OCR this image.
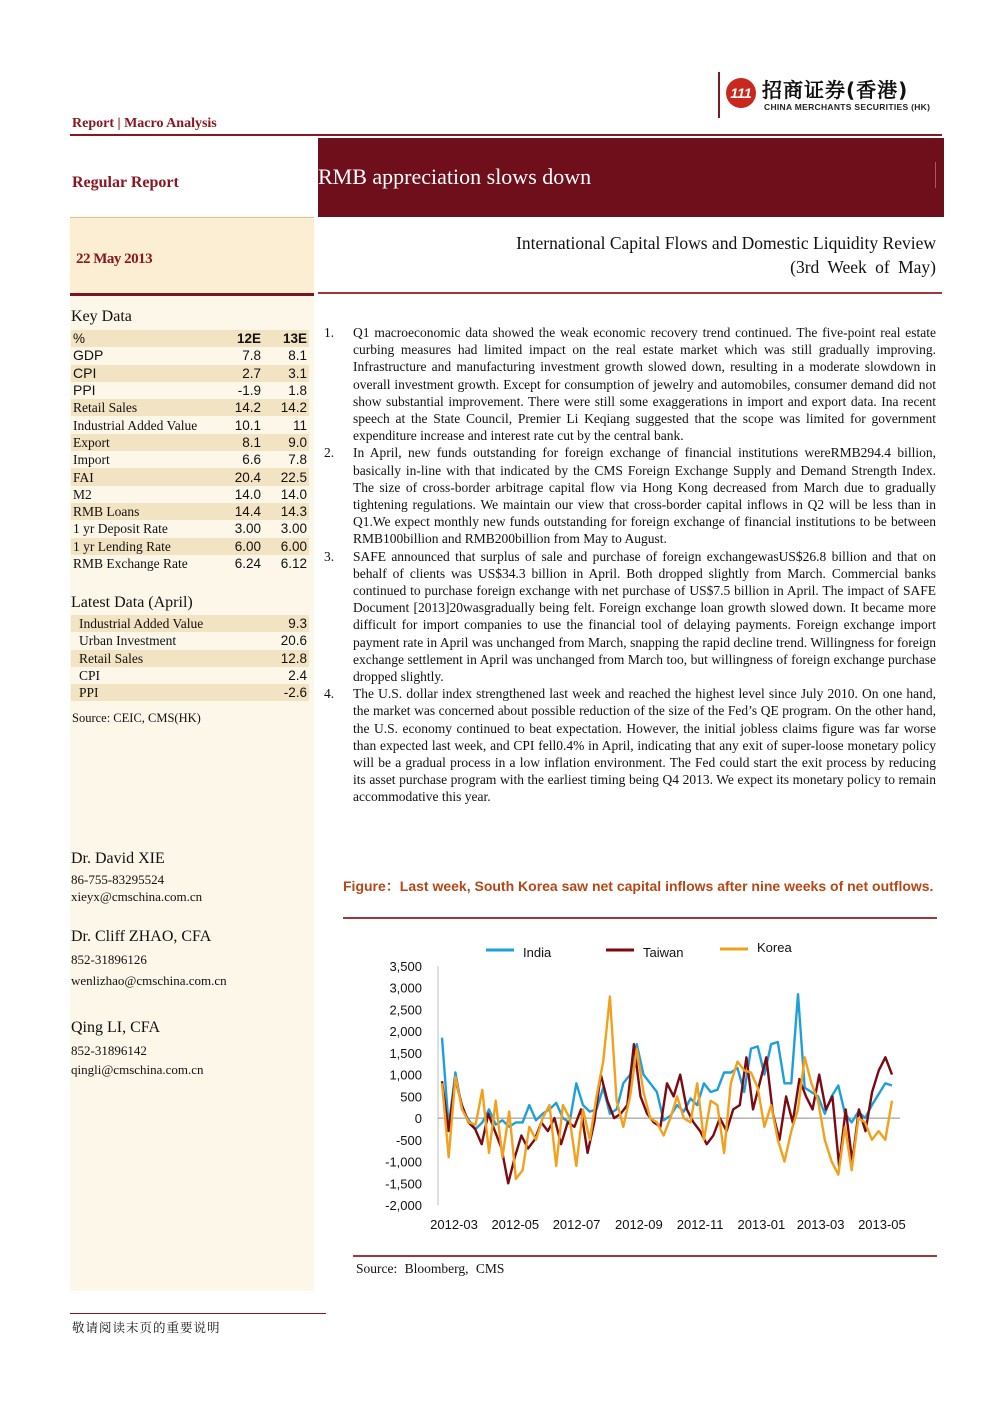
111 招商证券(香港)
CHINA MERCHANTS SECURITIES (HK)
Report | Macro Analysis
Regular Report
22 May 2013
RMB appreciation slows down
International Capital Flows and Domestic Liquidity Review
(3rd Week of May)
Key Data
%	12E	13E
GDP	7.8	8.1
CPI	2.7	3.1
PPI	-1.9	1.8
Retail Sales	14.2	14.2
Industrial Added Value	10.1	11
Export	8.1	9.0
Import	6.6	7.8
FAI	20.4	22.5
M2	14.0	14.0
RMB Loans	14.4	14.3
1 yr Deposit Rate	3.00	3.00
1 yr Lending Rate	6.00	6.00
RMB Exchange Rate	6.24	6.12
Latest Data (April)
Industrial Added Value	9.3
Urban Investment	20.6
Retail Sales	12.8
CPI	2.4
PPI	-2.6
Source: CEIC, CMS(HK)
Dr. David XIE
86-755-83295524
xieyx@cmschina.com.cn
Dr. Cliff ZHAO, CFA
852-31896126
wenlizhao@cmschina.com.cn
Qing LI, CFA
852-31896142
qingli@cmschina.com.cn

1. Q1 macroeconomic data showed the weak economic recovery trend continued. The five-point real estate curbing measures had limited impact on the real estate market which was still gradually improving. Infrastructure and manufacturing investment growth slowed down, resulting in a moderate slowdown in overall investment growth. Except for consumption of jewelry and automobiles, consumer demand did not show substantial improvement. There were still some exaggerations in import and export data. Ina recent speech at the State Council, Premier Li Keqiang suggested that the scope was limited for government expenditure increase and interest rate cut by the central bank.

2. In April, new funds outstanding for foreign exchange of financial institutions wereRMB294.4 billion, basically in-line with that indicated by the CMS Foreign Exchange Supply and Demand Strength Index. The size of cross-border arbitrage capital flow via Hong Kong decreased from March due to gradually tightening regulations. We maintain our view that cross-border capital inflows in Q2 will be less than in Q1.We expect monthly new funds outstanding for foreign exchange of financial institutions to be between RMB100billion and RMB200billion from May to August.

3. SAFE announced that surplus of sale and purchase of foreign exchangewasUS$26.8 billion and that on behalf of clients was US$34.3 billion in April. Both dropped slightly from March. Commercial banks continued to purchase foreign exchange with net purchase of US$7.5 billion in April. The impact of SAFE Document [2013]20wasgradually being felt. Foreign exchange loan growth slowed down. It became more difficult for import companies to use the financial tool of delaying payments. Foreign exchange import payment rate in April was unchanged from March, snapping the rapid decline trend. Willingness for foreign exchange settlement in April was unchanged from March too, but willingness of foreign exchange purchase dropped slightly.

4. The U.S. dollar index strengthened last week and reached the highest level since July 2010. On one hand, the market was concerned about possible reduction of the size of the Fed’s QE program. On the other hand, the U.S. economy continued to beat expectation. However, the initial jobless claims figure was far worse than expected last week, and CPI fell0.4% in April, indicating that any exit of super-loose monetary policy will be a gradual process in a low inflation environment. The Fed could start the exit process by reducing its asset purchase program with the earliest timing being Q4 2013. We expect its monetary policy to remain accommodative this year.

Figure：Last week, South Korea saw net capital inflows after nine weeks of net outflows.
India	Taiwan	Korea
3,500
3,000
2,500
2,000
1,500
1,000
500
0
-500
-1,000
-1,500
-2,000
2012-03 2012-05 2012-07 2012-09 2012-11 2013-01 2013-03 2013-05
Source: Bloomberg, CMS
敬请阅读末页的重要说明
